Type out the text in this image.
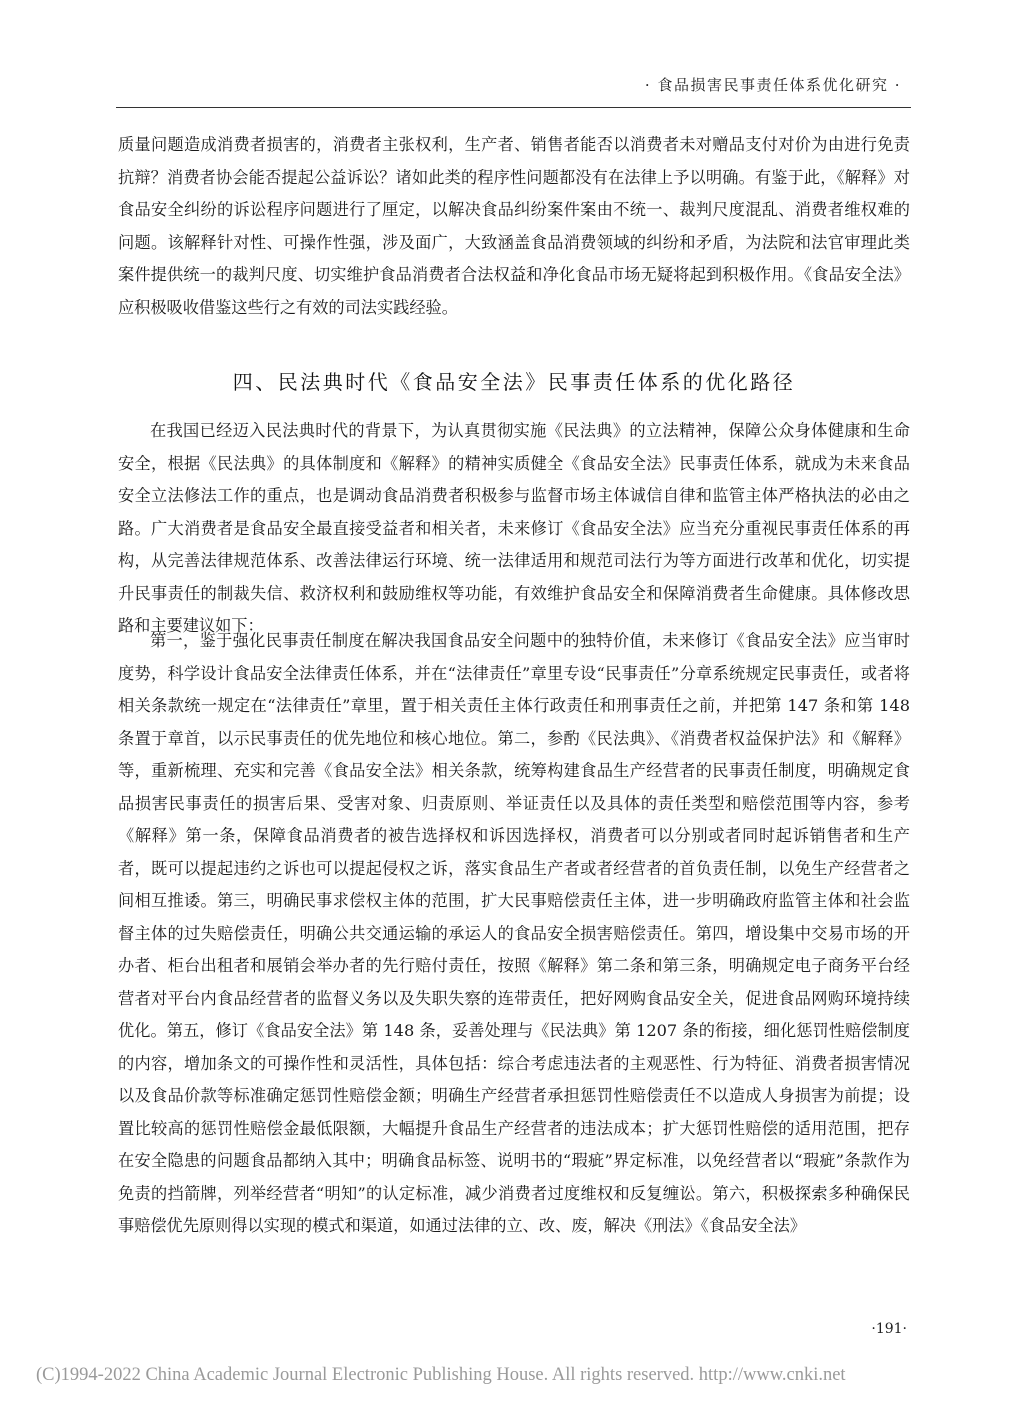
· 食品损害民事责任体系优化研究 ·

质量问题造成消费者损害的，消费者主张权利，生产者、销售者能否以消费者未对赠品支付对价为由进行免责抗辩？消费者协会能否提起公益诉讼？诸如此类的程序性问题都没有在法律上予以明确。有鉴于此，《解释》对食品安全纠纷的诉讼程序问题进行了厘定，以解决食品纠纷案件案由不统一、裁判尺度混乱、消费者维权难的问题。该解释针对性、可操作性强，涉及面广，大致涵盖食品消费领域的纠纷和矛盾，为法院和法官审理此类案件提供统一的裁判尺度、切实维护食品消费者合法权益和净化食品市场无疑将起到积极作用。《食品安全法》应积极吸收借鉴这些行之有效的司法实践经验。

四、民法典时代《食品安全法》民事责任体系的优化路径

在我国已经迈入民法典时代的背景下，为认真贯彻实施《民法典》的立法精神，保障公众身体健康和生命安全，根据《民法典》的具体制度和《解释》的精神实质健全《食品安全法》民事责任体系，就成为未来食品安全立法修法工作的重点，也是调动食品消费者积极参与监督市场主体诚信自律和监管主体严格执法的必由之路。广大消费者是食品安全最直接受益者和相关者，未来修订《食品安全法》应当充分重视民事责任体系的再构，从完善法律规范体系、改善法律运行环境、统一法律适用和规范司法行为等方面进行改革和优化，切实提升民事责任的制裁失信、救济权利和鼓励维权等功能，有效维护食品安全和保障消费者生命健康。具体修改思路和主要建议如下：

第一，鉴于强化民事责任制度在解决我国食品安全问题中的独特价值，未来修订《食品安全法》应当审时度势，科学设计食品安全法律责任体系，并在“法律责任”章里专设“民事责任”分章系统规定民事责任，或者将相关条款统一规定在“法律责任”章里，置于相关责任主体行政责任和刑事责任之前，并把第 147 条和第 148 条置于章首，以示民事责任的优先地位和核心地位。第二，参酌《民法典》、《消费者权益保护法》和《解释》等，重新梳理、充实和完善《食品安全法》相关条款，统筹构建食品生产经营者的民事责任制度，明确规定食品损害民事责任的损害后果、受害对象、归责原则、举证责任以及具体的责任类型和赔偿范围等内容，参考《解释》第一条，保障食品消费者的被告选择权和诉因选择权，消费者可以分别或者同时起诉销售者和生产者，既可以提起违约之诉也可以提起侵权之诉，落实食品生产者或者经营者的首负责任制，以免生产经营者之间相互推诿。第三，明确民事求偿权主体的范围，扩大民事赔偿责任主体，进一步明确政府监管主体和社会监督主体的过失赔偿责任，明确公共交通运输的承运人的食品安全损害赔偿责任。第四，增设集中交易市场的开办者、柜台出租者和展销会举办者的先行赔付责任，按照《解释》第二条和第三条，明确规定电子商务平台经营者对平台内食品经营者的监督义务以及失职失察的连带责任，把好网购食品安全关，促进食品网购环境持续优化。第五，修订《食品安全法》第 148 条，妥善处理与《民法典》第 1207 条的衔接，细化惩罚性赔偿制度的内容，增加条文的可操作性和灵活性，具体包括：综合考虑违法者的主观恶性、行为特征、消费者损害情况以及食品价款等标准确定惩罚性赔偿金额；明确生产经营者承担惩罚性赔偿责任不以造成人身损害为前提；设置比较高的惩罚性赔偿金最低限额，大幅提升食品生产经营者的违法成本；扩大惩罚性赔偿的适用范围，把存在安全隐患的问题食品都纳入其中；明确食品标签、说明书的“瑕疵”界定标准，以免经营者以“瑕疵”条款作为免责的挡箭牌，列举经营者“明知”的认定标准，减少消费者过度维权和反复缠讼。第六，积极探索多种确保民事赔偿优先原则得以实现的模式和渠道，如通过法律的立、改、废，解决《刑法》《食品安全法》

·191·
(C)1994-2022 China Academic Journal Electronic Publishing House. All rights reserved. http://www.cnki.net
